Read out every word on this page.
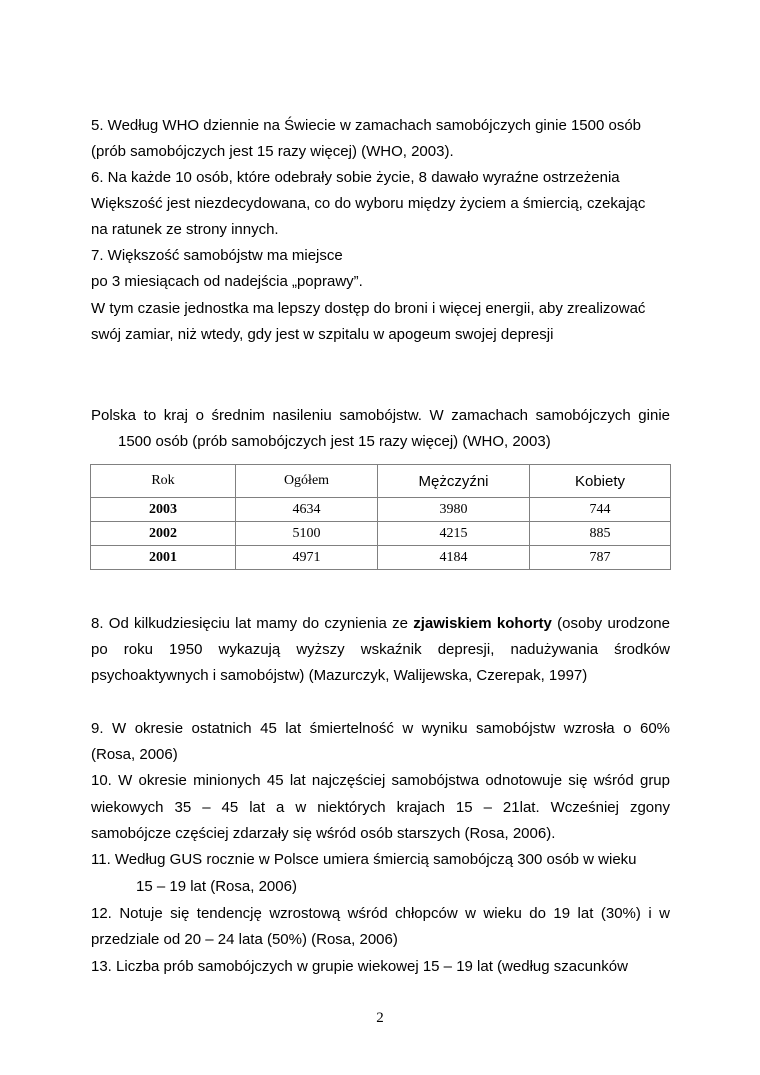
5. Według WHO dziennie na Świecie w zamachach samobójczych ginie 1500 osób
(prób samobójczych jest 15 razy więcej) (WHO, 2003).
6. Na każde 10 osób, które odebrały sobie życie, 8 dawało wyraźne ostrzeżenia
Większość jest niezdecydowana, co do wyboru między życiem a śmiercią, czekając
na ratunek ze strony innych.
7. Większość samobójstw ma miejsce
po 3 miesiącach od nadejścia „poprawy”.
W tym czasie jednostka ma lepszy dostęp do broni i więcej energii, aby zrealizować
swój zamiar, niż wtedy, gdy jest w szpitalu w apogeum swojej depresji
Polska to kraj o średnim nasileniu samobójstw. W zamachach samobójczych ginie
1500 osób (prób samobójczych jest 15 razy więcej) (WHO, 2003)
Rok	Ogółem	Mężczyźni	Kobiety
2003	4634	3980	744
2002	5100	4215	885
2001	4971	4184	787
8. Od kilkudziesięciu lat mamy do czynienia ze zjawiskiem kohorty (osoby urodzone
po roku 1950 wykazują wyższy wskaźnik depresji, nadużywania środków
psychoaktywnych i samobójstw) (Mazurczyk, Walijewska, Czerepak, 1997)
9. W okresie ostatnich 45 lat śmiertelność w wyniku samobójstw wzrosła o 60%
(Rosa, 2006)
10. W okresie minionych 45 lat najczęściej samobójstwa odnotowuje się wśród grup
wiekowych 35 – 45 lat a w niektórych krajach 15 – 21lat. Wcześniej zgony
samobójcze częściej zdarzały się wśród osób starszych (Rosa, 2006).
11. Według GUS rocznie w Polsce umiera śmiercią samobójczą 300 osób w wieku
15 – 19 lat (Rosa, 2006)
12. Notuje się tendencję wzrostową wśród chłopców w wieku do 19 lat (30%) i w
przedziale od 20 – 24 lata (50%) (Rosa, 2006)
13. Liczba prób samobójczych w grupie wiekowej 15 – 19 lat (według szacunków
2
